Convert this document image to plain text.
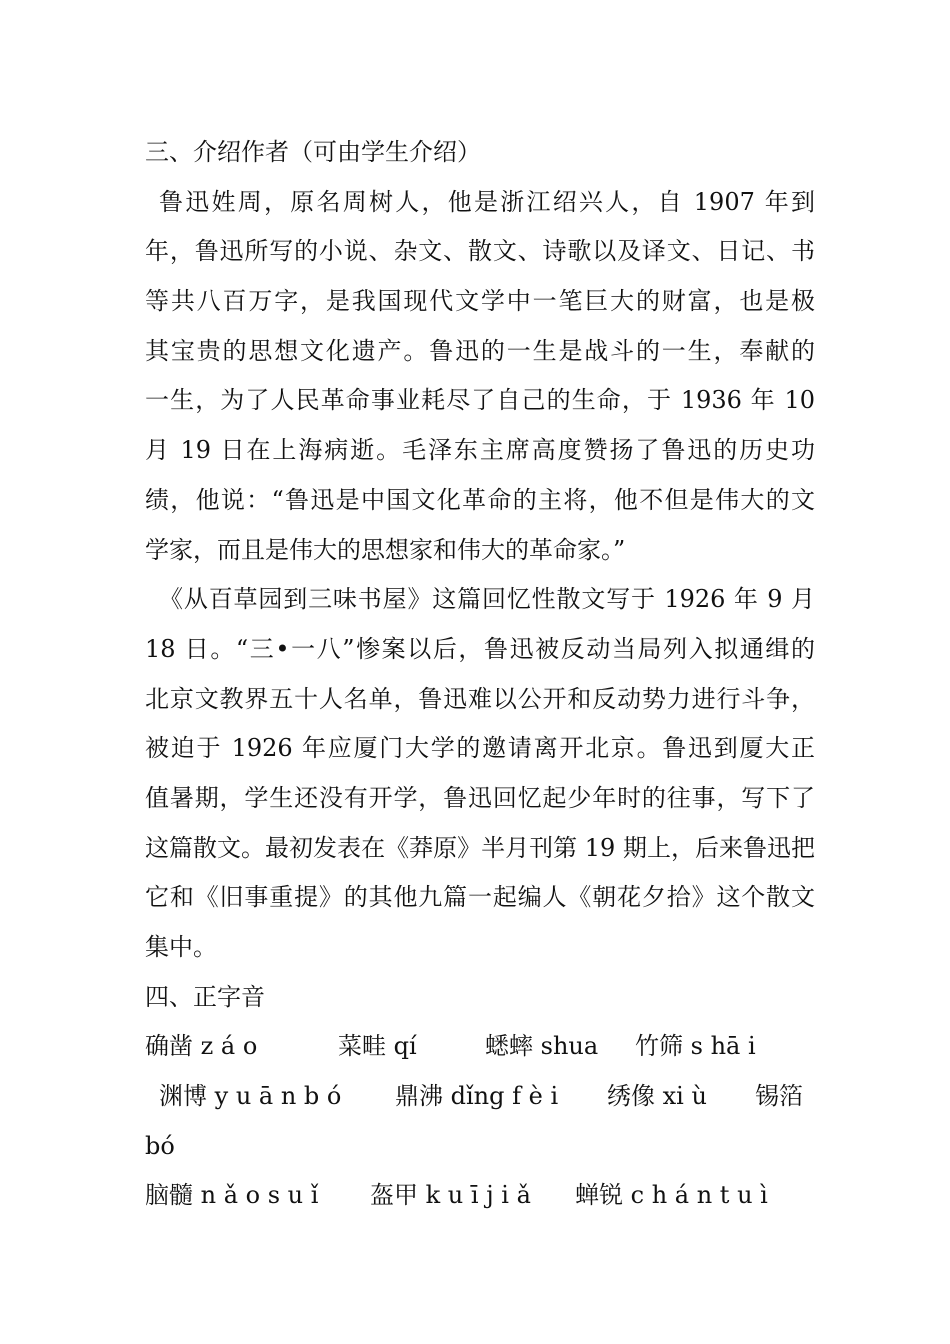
三、介绍作者（可由学生介绍）
鲁迅姓周，原名周树人，他是浙江绍兴人，自 1907 年到
年，鲁迅所写的小说、杂文、散文、诗歌以及译文、日记、书
等共八百万字，是我国现代文学中一笔巨大的财富，也是极
其宝贵的思想文化遗产。鲁迅的一生是战斗的一生，奉献的
一生，为了人民革命事业耗尽了自己的生命，于 1936 年 10
月 19 日在上海病逝。毛泽东主席高度赞扬了鲁迅的历史功
绩，他说：“鲁迅是中国文化革命的主将，他不但是伟大的文
学家，而且是伟大的思想家和伟大的革命家。”
《从百草园到三味书屋》这篇回忆性散文写于 1926 年 9 月
18 日。“三•一八”惨案以后，鲁迅被反动当局列入拟通缉的
北京文教界五十人名单，鲁迅难以公开和反动势力进行斗争，
被迫于 1926 年应厦门大学的邀请离开北京。鲁迅到厦大正
值暑期，学生还没有开学，鲁迅回忆起少年时的往事，写下了
这篇散文。最初发表在《莽原》半月刊第 19 期上，后来鲁迅把
它和《旧事重提》的其他九篇一起编人《朝花夕拾》这个散文
集中。
四、正字音
确凿 z á o	菜畦 qí	蟋蟀 shua 竹筛 s hā i
渊博 y u ā n b ó 鼎沸 dǐng f è i 绣像 xi ù 锡箔
bó
脑髓 n ǎ o s u ǐ 盔甲 k u ī j i ǎ 蝉锐 c h á n t u ì
